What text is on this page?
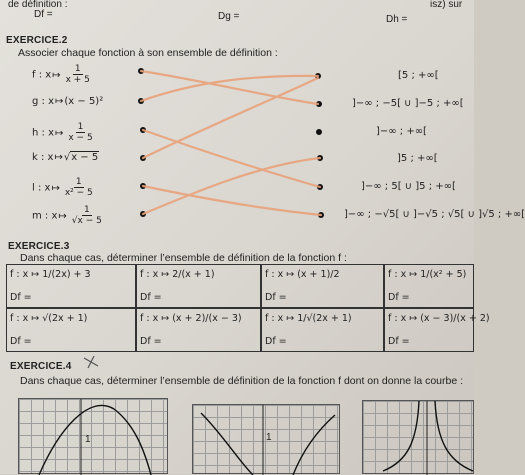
de définition :	isz) sur
Df =	Dg =	Dh =
EXERCICE.2
Associer chaque fonction à son ensemble de définition :
f : x↦ $\frac{1}{x + 5}$
g : x↦(x − 5)²
h : x↦ $\frac{1}{x - 5}$
k : x↦√x − 5
l : x↦ $\frac{1}{\text{x² − 5}}$
m : x↦ $\frac{1}{√x - 5}$
[5 ; +∞[
]−∞ ; −5[ ∪ ]−5 ; +∞[
]−∞ ; +∞[
]5 ; +∞[
]−∞ ; 5[ ∪ ]5 ; +∞[
]−∞ ; −√5[ ∪ ]−√5 ; √5[ ∪ ]√5 ; +∞[
EXERCICE.3
Dans chaque cas, déterminer l’ensemble de définition de la fonction f :
f : x ↦ 1/(2x) + 3
Df =
f : x ↦ 2/(x + 1)
Df =
f : x ↦ (x + 1)/2
Df =
f : x ↦ 1/(x² + 5)
Df =
f : x ↦ √(2x + 1)
Df =
f : x ↦ (x + 2)/(x − 3)
Df =
f : x ↦ 1/√(2x + 1)
Df =
f : x ↦ (x − 3)/(x + 2)
Df =
EXERCICE.4
Dans chaque cas, déterminer l’ensemble de définition de la fonction f dont on donne la courbe :
1	1
